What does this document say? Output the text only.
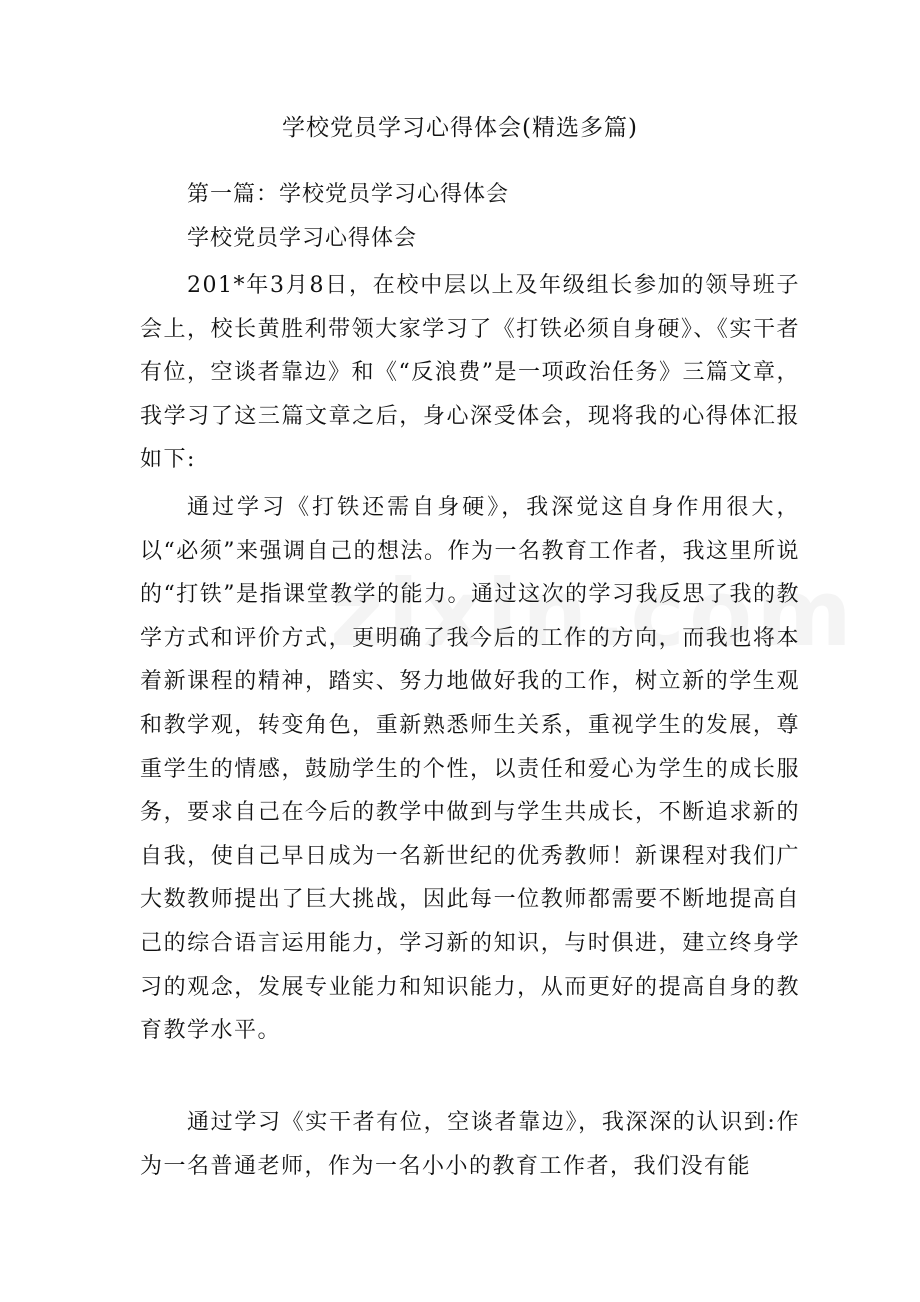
学校党员学习心得体会(精选多篇)
第一篇：学校党员学习心得体会
学校党员学习心得体会

201*年3月8日，在校中层以上及年级组长参加的领导班子会上，校长黄胜利带领大家学习了《打铁必须自身硬》、《实干者有位，空谈者靠边》和《“反浪费”是一项政治任务》三篇文章，我学习了这三篇文章之后，身心深受体会，现将我的心得体汇报如下:

通过学习《打铁还需自身硬》，我深觉这自身作用很大，以“必须”来强调自己的想法。作为一名教育工作者，我这里所说的“打铁”是指课堂教学的能力。通过这次的学习我反思了我的教学方式和评价方式，更明确了我今后的工作的方向，而我也将本着新课程的精神，踏实、努力地做好我的工作，树立新的学生观和教学观，转变角色，重新熟悉师生关系，重视学生的发展，尊重学生的情感，鼓励学生的个性，以责任和爱心为学生的成长服务，要求自己在今后的教学中做到与学生共成长，不断追求新的自我，使自己早日成为一名新世纪的优秀教师！新课程对我们广大数教师提出了巨大挑战，因此每一位教师都需要不断地提高自己的综合语言运用能力，学习新的知识，与时俱进，建立终身学习的观念，发展专业能力和知识能力，从而更好的提高自身的教育教学水平。

通过学习《实干者有位，空谈者靠边》，我深深的认识到:作为一名普通老师，作为一名小小的教育工作者，我们没有能
